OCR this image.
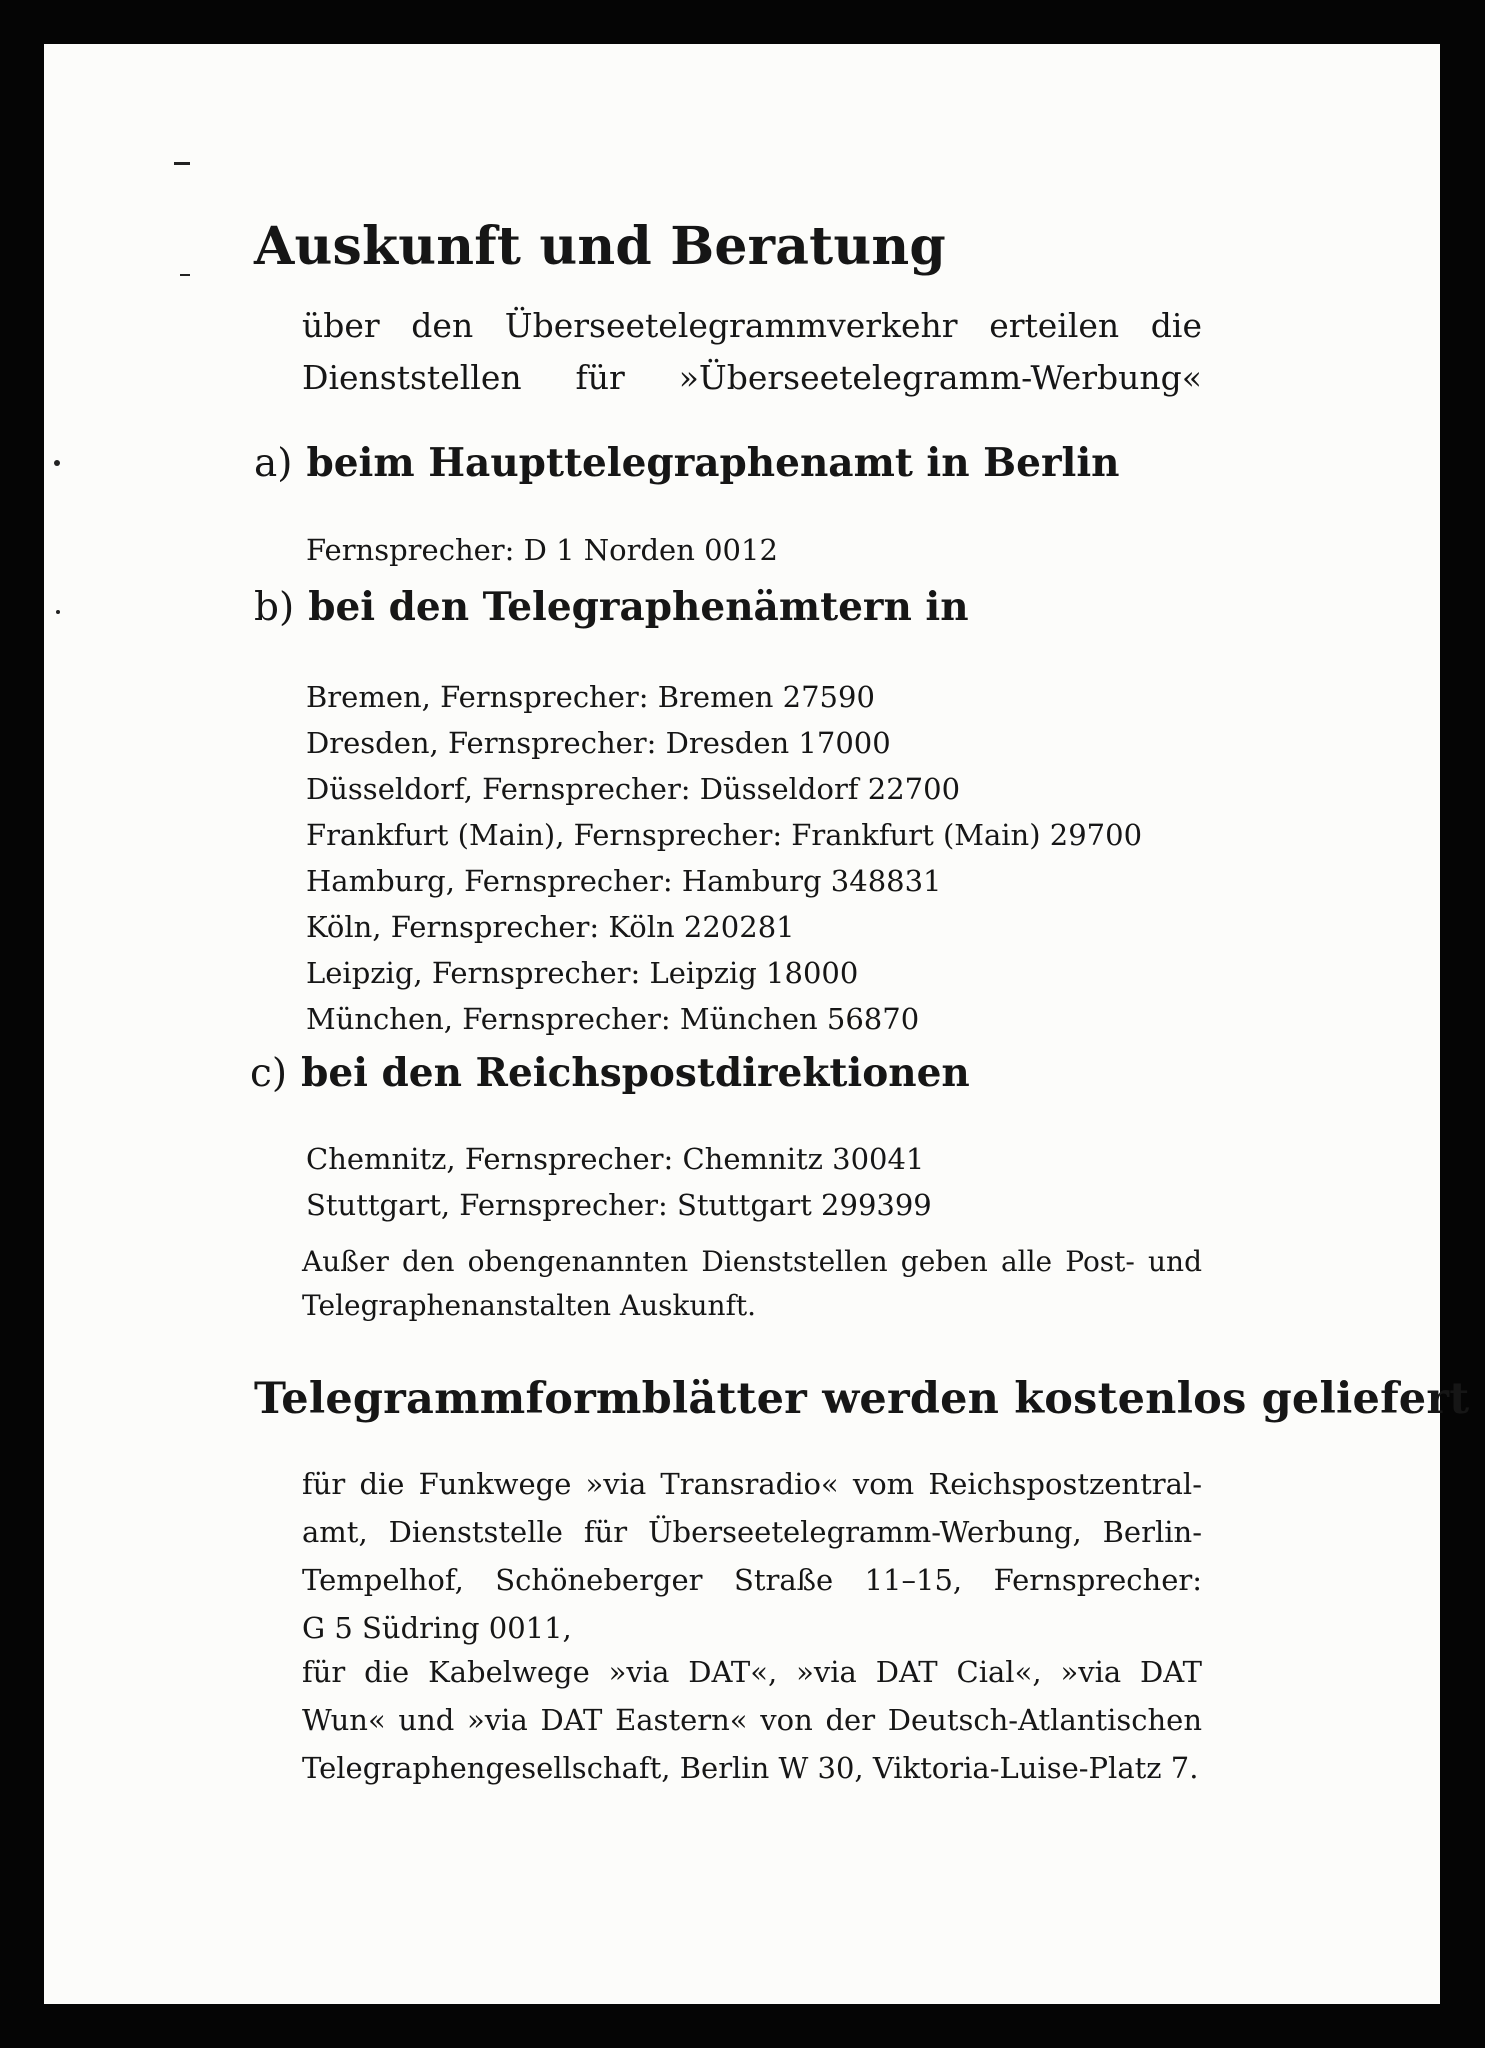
Auskunft und Beratung
über den Überseetelegrammverkehr erteilen die
Dienststellen für »Überseetelegramm-Werbung«
a) beim Haupttelegraphenamt in Berlin

Fernsprecher: D 1 Norden 0012

b) bei den Telegraphenämtern in
Bremen, Fernsprecher: Bremen 27590
Dresden, Fernsprecher: Dresden 17000
Düsseldorf, Fernsprecher: Düsseldorf 22700
Frankfurt (Main), Fernsprecher: Frankfurt (Main) 29700
Hamburg, Fernsprecher: Hamburg 348831
Köln, Fernsprecher: Köln 220281
Leipzig, Fernsprecher: Leipzig 18000
München, Fernsprecher: München 56870
c) bei den Reichspostdirektionen
Chemnitz, Fernsprecher: Chemnitz 30041
Stuttgart, Fernsprecher: Stuttgart 299399
Außer den obengenannten Dienststellen geben alle Post- und
Telegraphenanstalten Auskunft.
Telegrammformblätter werden kostenlos geliefert
für die Funkwege »via Transradio« vom Reichspostzentral-
amt, Dienststelle für Überseetelegramm-Werbung, Berlin-
Tempelhof, Schöneberger Straße 11–15, Fernsprecher:
G 5 Südring 0011,
für die Kabelwege »via DAT«, »via DAT Cial«, »via DAT
Wun« und »via DAT Eastern« von der Deutsch-Atlantischen
Telegraphengesellschaft, Berlin W 30, Viktoria-Luise-Platz 7.
